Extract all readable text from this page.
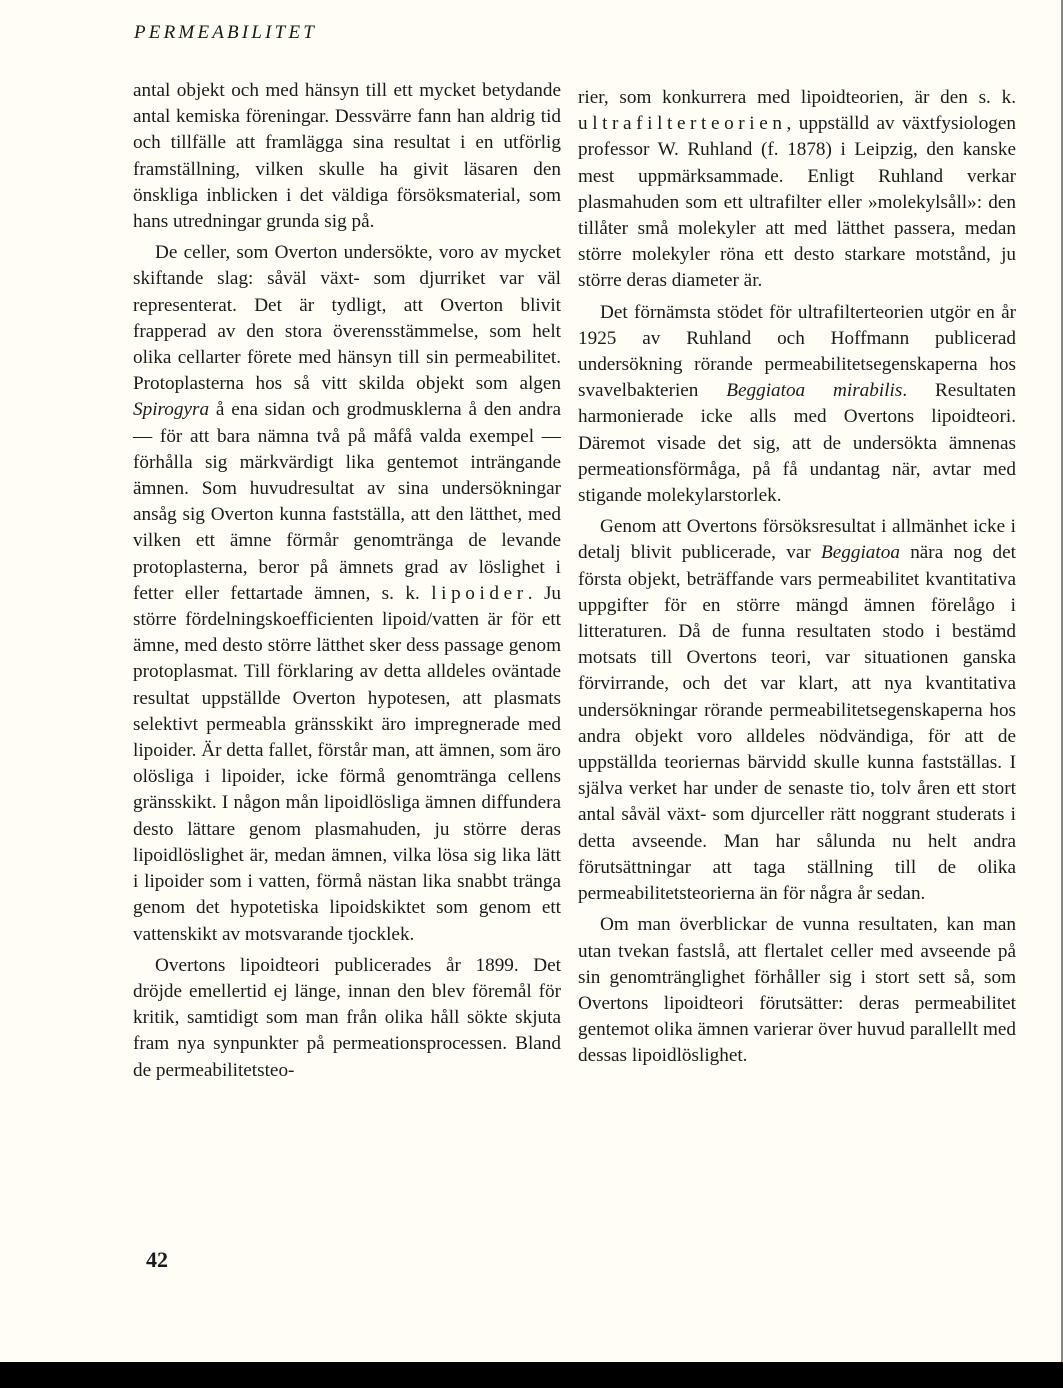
PERMEABILITET

antal objekt och med hänsyn till ett mycket betydande antal kemiska föreningar. Dessvärre fann han aldrig tid och tillfälle att framlägga sina resultat i en utförlig framställning, vilken skulle ha givit läsaren den önskliga inblicken i det väldiga försöksmaterial, som hans utredningar grunda sig på.

De celler, som Overton undersökte, voro av mycket skiftande slag: såväl växt- som djurriket var väl representerat. Det är tydligt, att Overton blivit frapperad av den stora överensstämmelse, som helt olika cellarter förete med hänsyn till sin permeabilitet. Protoplasterna hos så vitt skilda objekt som algen Spirogyra å ena sidan och grodmusklerna å den andra — för att bara nämna två på måfå valda exempel — förhålla sig märkvärdigt lika gentemot inträngande ämnen. Som huvudresultat av sina undersökningar ansåg sig Overton kunna fastställa, att den lätthet, med vilken ett ämne förmår genomtränga de levande protoplasterna, beror på ämnets grad av löslighet i fetter eller fettartade ämnen, s. k. lipoider. Ju större fördelningskoefficienten lipoid/vatten är för ett ämne, med desto större lätthet sker dess passage genom protoplasmat. Till förklaring av detta alldeles oväntade resultat uppställde Overton hypotesen, att plasmats selektivt permeabla gränsskikt äro impregnerade med lipoider. Är detta fallet, förstår man, att ämnen, som äro olösliga i lipoider, icke förmå genomtränga cellens gränsskikt. I någon mån lipoidlösliga ämnen diffundera desto lättare genom plasmahuden, ju större deras lipoidlöslighet är, medan ämnen, vilka lösa sig lika lätt i lipoider som i vatten, förmå nästan lika snabbt tränga genom det hypotetiska lipoidskiktet som genom ett vattenskikt av motsvarande tjocklek.

Overtons lipoidteori publicerades år 1899. Det dröjde emellertid ej länge, innan den blev föremål för kritik, samtidigt som man från olika håll sökte skjuta fram nya synpunkter på permeationsprocessen. Bland de permeabilitetsteo-

rier, som konkurrera med lipoidteorien, är den s. k. ultrafilterteorien, uppställd av växtfysiologen professor W. Ruhland (f. 1878) i Leipzig, den kanske mest uppmärksammade. Enligt Ruhland verkar plasmahuden som ett ultrafilter eller »molekylsåll»: den tillåter små molekyler att med lätthet passera, medan större molekyler röna ett desto starkare motstånd, ju större deras diameter är.

Det förnämsta stödet för ultrafilterteorien utgör en år 1925 av Ruhland och Hoffmann publicerad undersökning rörande permeabilitetsegenskaperna hos svavelbakterien Beggiatoa mirabilis. Resultaten harmonierade icke alls med Overtons lipoidteori. Däremot visade det sig, att de undersökta ämnenas permeationsförmåga, på få undantag när, avtar med stigande molekylarstorlek.

Genom att Overtons försöksresultat i allmänhet icke i detalj blivit publicerade, var Beggiatoa nära nog det första objekt, beträffande vars permeabilitet kvantitativa uppgifter för en större mängd ämnen förelågo i litteraturen. Då de funna resultaten stodo i bestämd motsats till Overtons teori, var situationen ganska förvirrande, och det var klart, att nya kvantitativa undersökningar rörande permeabilitetsegenskaperna hos andra objekt voro alldeles nödvändiga, för att de uppställda teoriernas bärvidd skulle kunna fastställas. I själva verket har under de senaste tio, tolv åren ett stort antal såväl växt- som djurceller rätt noggrant studerats i detta avseende. Man har sålunda nu helt andra förutsättningar att taga ställning till de olika permeabilitetsteorierna än för några år sedan.

Om man överblickar de vunna resultaten, kan man utan tvekan fastslå, att flertalet celler med avseende på sin genomtränglighet förhåller sig i stort sett så, som Overtons lipoidteori förutsätter: deras permeabilitet gentemot olika ämnen varierar över huvud parallellt med dessas lipoidlöslighet.

42
